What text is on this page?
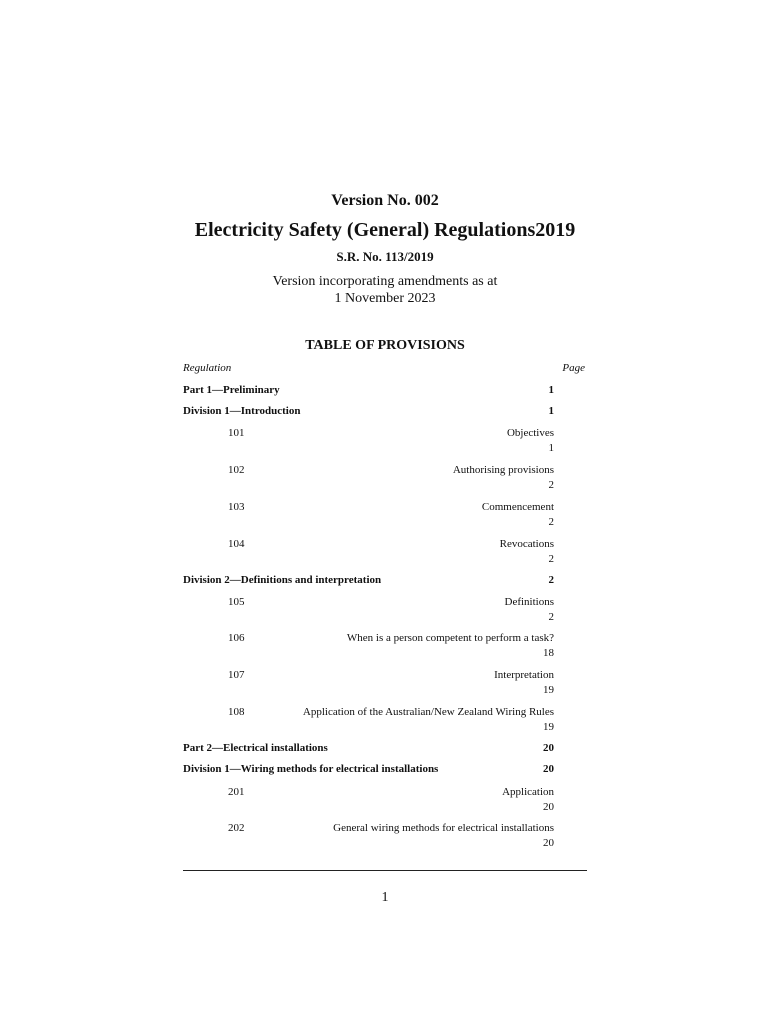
Version No. 002
Electricity Safety (General) Regulations2019
S.R. No. 113/2019
Version incorporating amendments as at
1 November 2023
TABLE OF PROVISIONS
Regulation	Page
Part 1—Preliminary	1
Division 1—Introduction	1
101	Objectives
1
102	Authorising provisions
2
103	Commencement
2
104	Revocations
2
Division 2—Definitions and interpretation	2
105	Definitions
2
106	When is a person competent to perform a task?
18
107	Interpretation
19
108	Application of the Australian/New Zealand Wiring Rules
19
Part 2—Electrical installations	20
Division 1—Wiring methods for electrical installations	20
201	Application
20
202	General wiring methods for electrical installations
20
1
